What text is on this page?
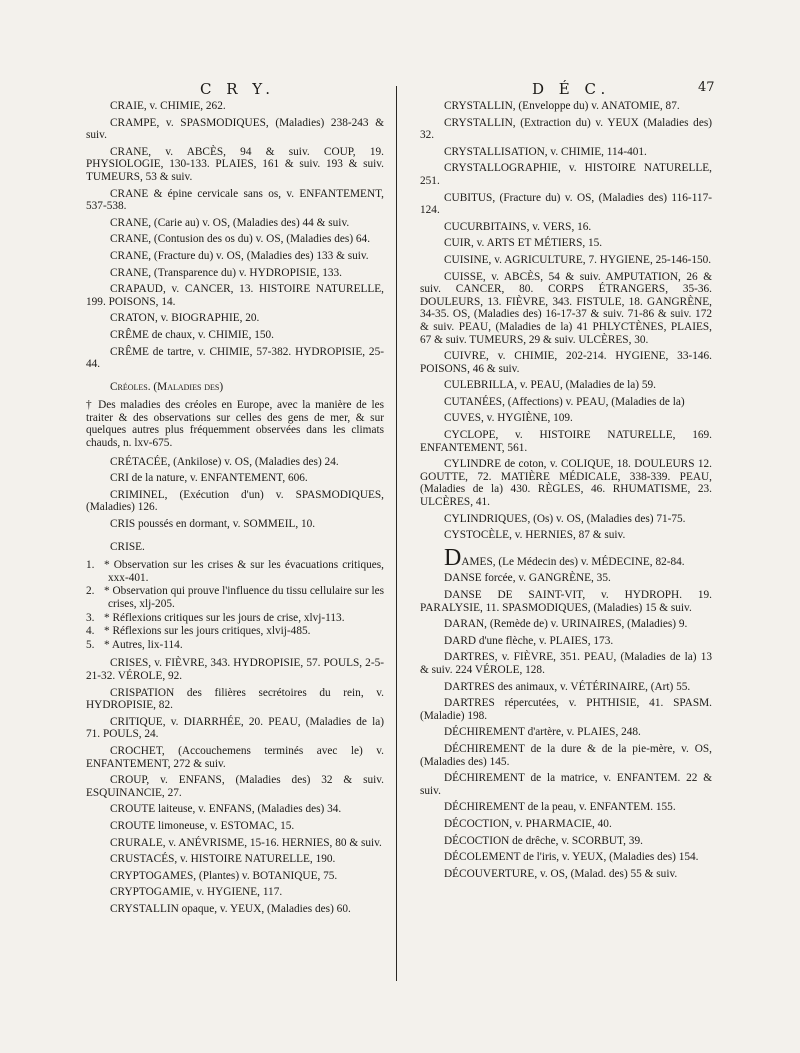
C R Y.	D É C.	47
CRAIE, v. CHIMIE, 262.
CRAMPE, v. SPASMODIQUES, (Maladies) 238-243 & suiv.
CRANE, v. ABCÈS, 94 & suiv. COUP, 19. PHYSIOLOGIE, 130-133. PLAIES, 161 & suiv. 193 & suiv. TUMEURS, 53 & suiv.
CRANE & épine cervicale sans os, v. ENFANTEMENT, 537-538.
CRANE, (Carie au) v. OS, (Maladies des) 44 & suiv.
CRANE, (Contusion des os du) v. OS, (Maladies des) 64.
CRANE, (Fracture du) v. OS, (Maladies des) 133 & suiv.
CRANE, (Transparence du) v. HYDROPISIE, 133.
CRAPAUD, v. CANCER, 13. HISTOIRE NATURELLE, 199. POISONS, 14.
CRATON, v. BIOGRAPHIE, 20.
CRÊME de chaux, v. CHIMIE, 150.
CRÊME de tartre, v. CHIMIE, 57-382. HYDROPISIE, 25-44.
Créoles. (Maladies des)
† Des maladies des créoles en Europe, avec la manière de les traiter & des observations sur celles des gens de mer, & sur quelques autres plus fréquemment observées dans les climats chauds, n. lxv-675.
CRÉTACÉE, (Ankilose) v. OS, (Maladies des) 24.
CRI de la nature, v. ENFANTEMENT, 606.
CRIMINEL, (Exécution d'un) v. SPASMODIQUES, (Maladies) 126.
CRIS poussés en dormant, v. SOMMEIL, 10.
CRISE.
1. * Observation sur les crises & sur les évacuations critiques, xxx-401.
2. * Observation qui prouve l'influence du tissu cellulaire sur les crises, xlj-205.
3. * Réflexions critiques sur les jours de crise, xlvj-113.
4. * Réflexions sur les jours critiques, xlvij-485.
5. * Autres, lix-114.
CRISES, v. FIÈVRE, 343. HYDROPISIE, 57. POULS, 2-5-21-32. VÉROLE, 92.
CRISPATION des filières secrétoires du rein, v. HYDROPISIE, 82.
CRITIQUE, v. DIARRHÉE, 20. PEAU, (Maladies de la) 71. POULS, 24.
CROCHET, (Accouchemens terminés avec le) v. ENFANTEMENT, 272 & suiv.
CROUP, v. ENFANS, (Maladies des) 32 & suiv. ESQUINANCIE, 27.
CROUTE laiteuse, v. ENFANS, (Maladies des) 34.
CROUTE limoneuse, v. ESTOMAC, 15.
CRURALE, v. ANÉVRISME, 15-16. HERNIES, 80 & suiv.
CRUSTACÉS, v. HISTOIRE NATURELLE, 190.
CRYPTOGAMES, (Plantes) v. BOTANIQUE, 75.
CRYPTOGAMIE, v. HYGIENE, 117.
CRYSTALLIN opaque, v. YEUX, (Maladies des) 60.
CRYSTALLIN, (Enveloppe du) v. ANATOMIE, 87.
CRYSTALLIN, (Extraction du) v. YEUX (Maladies des) 32.
CRYSTALLISATION, v. CHIMIE, 114-401.
CRYSTALLOGRAPHIE, v. HISTOIRE NATURELLE, 251.
CUBITUS, (Fracture du) v. OS, (Maladies des) 116-117-124.
CUCURBITAINS, v. VERS, 16.
CUIR, v. ARTS ET MÉTIERS, 15.
CUISINE, v. AGRICULTURE, 7. HYGIENE, 25-146-150.
CUISSE, v. ABCÈS, 54 & suiv. AMPUTATION, 26 & suiv. CANCER, 80. CORPS ÉTRANGERS, 35-36. DOULEURS, 13. FIÈVRE, 343. FISTULE, 18. GANGRÈNE, 34-35. OS, (Maladies des) 16-17-37 & suiv. 71-86 & suiv. 172 & suiv. PEAU, (Maladies de la) 41 PHLYCTÈNES, PLAIES, 67 & suiv. TUMEURS, 29 & suiv. ULCÈRES, 30.
CUIVRE, v. CHIMIE, 202-214. HYGIENE, 33-146. POISONS, 46 & suiv.
CULEBRILLA, v. PEAU, (Maladies de la) 59.
CUTANÉES, (Affections) v. PEAU, (Maladies de la)
CUVES, v. HYGIÈNE, 109.
CYCLOPE, v. HISTOIRE NATURELLE, 169. ENFANTEMENT, 561.
CYLINDRE de coton, v. COLIQUE, 18. DOULEURS 12. GOUTTE, 72. MATIÈRE MÉDICALE, 338-339. PEAU, (Maladies de la) 430. RÈGLES, 46. RHUMATISME, 23. ULCÈRES, 41.
CYLINDRIQUES, (Os) v. OS, (Maladies des) 71-75.
CYSTOCÈLE, v. HERNIES, 87 & suiv.
DAMES, (Le Médecin des) v. MÉDECINE, 82-84.
DANSE forcée, v. GANGRÈNE, 35.
DANSE DE SAINT-VIT, v. HYDROPH. 19. PARALYSIE, 11. SPASMODIQUES, (Maladies) 15 & suiv.
DARAN, (Remède de) v. URINAIRES, (Maladies) 9.
DARD d'une flèche, v. PLAIES, 173.
DARTRES, v. FIÈVRE, 351. PEAU, (Maladies de la) 13 & suiv. 224 VÉROLE, 128.
DARTRES des animaux, v. VÉTÉRINAIRE, (Art) 55.
DARTRES répercutées, v. PHTHISIE, 41. SPASM. (Maladie) 198.
DÉCHIREMENT d'artère, v. PLAIES, 248.
DÉCHIREMENT de la dure & de la pie-mère, v. OS, (Maladies des) 145.
DÉCHIREMENT de la matrice, v. ENFANTEM. 22 & suiv.
DÉCHIREMENT de la peau, v. ENFANTEM. 155.
DÉCOCTION, v. PHARMACIE, 40.
DÉCOCTION de drêche, v. SCORBUT, 39.
DÉCOLEMENT de l'iris, v. YEUX, (Maladies des) 154.
DÉCOUVERTURE, v. OS, (Malad. des) 55 & suiv.
